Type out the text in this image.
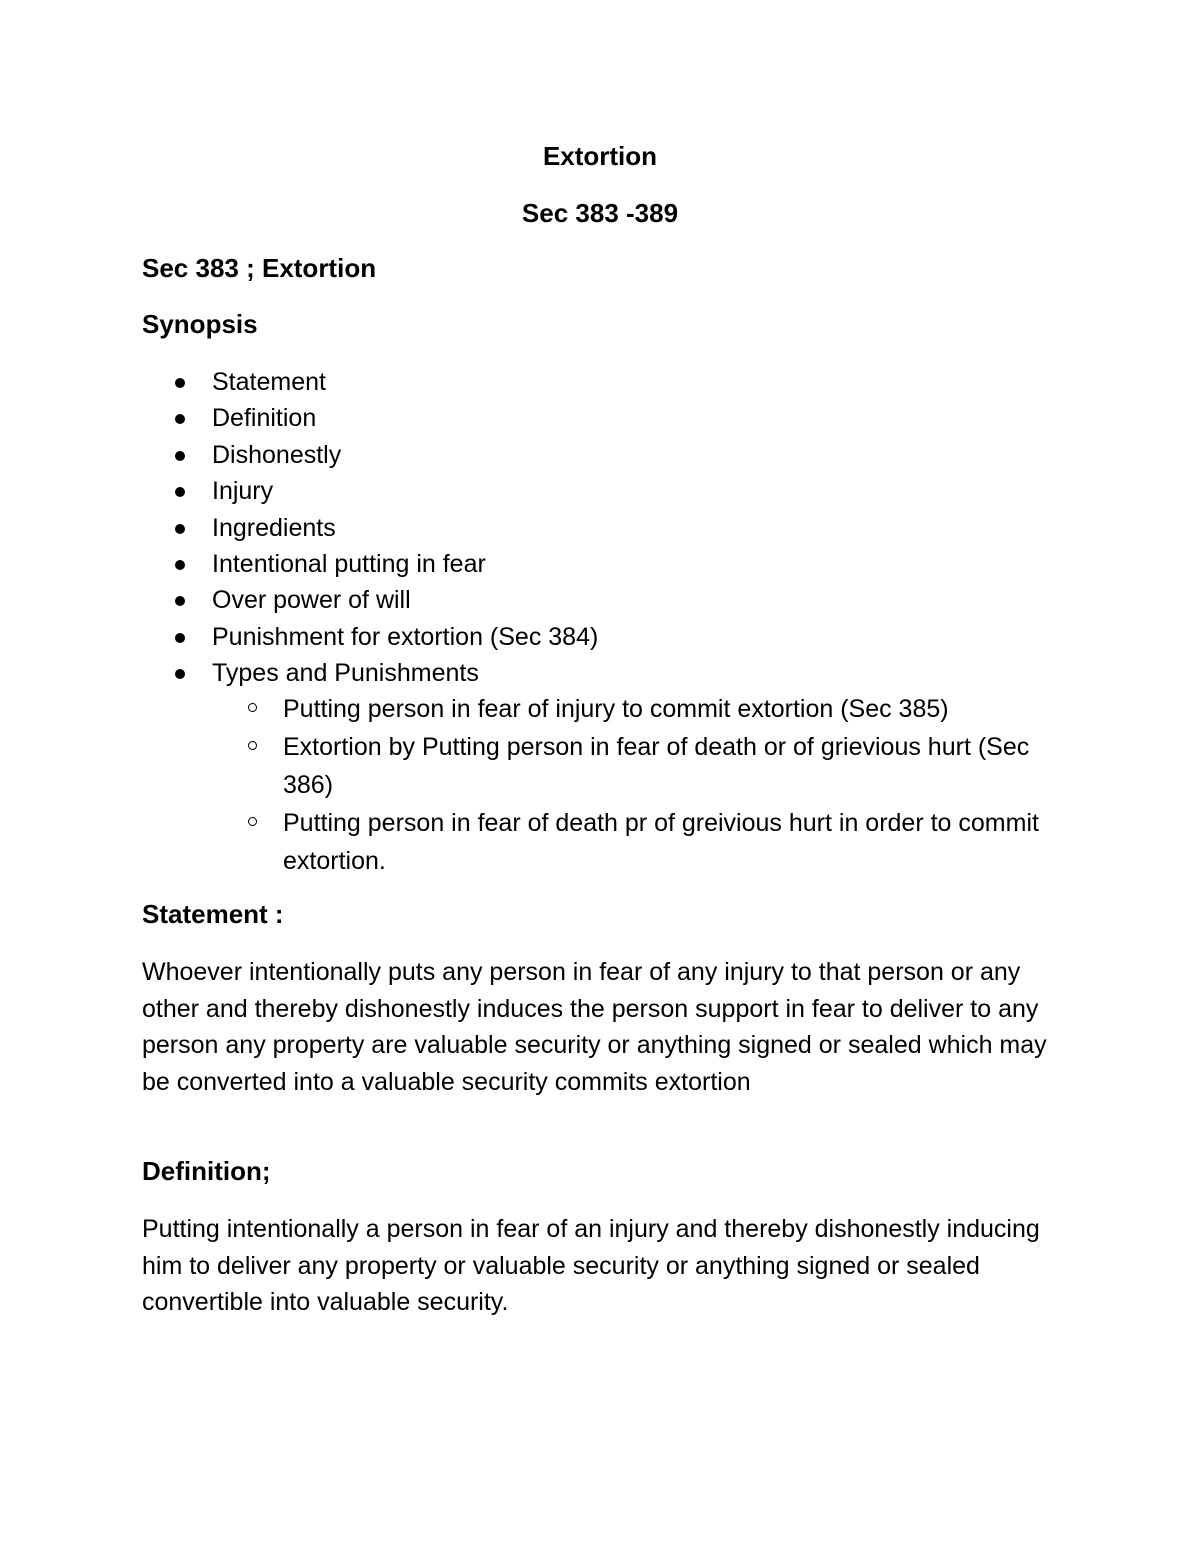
Extortion
Sec 383 -389
Sec 383 ; Extortion
Synopsis
Statement
Definition
Dishonestly
Injury
Ingredients
Intentional putting in fear
Over power of will
Punishment for extortion (Sec 384)
Types and Punishments
Putting person in fear of injury to commit extortion (Sec 385)
Extortion by Putting person in fear of death or of grievious hurt (Sec 386)
Putting person in fear of death pr of greivious hurt in order to commit extortion.
Statement :
Whoever intentionally puts any person in fear of any injury to that person or any other and thereby dishonestly induces the person support in fear to deliver to any person any property are valuable security or anything signed or sealed which may be converted into a valuable security commits extortion
Definition;
Putting intentionally a person in fear of an injury and thereby dishonestly inducing him to deliver any property or valuable security or anything signed or sealed convertible into valuable security.
